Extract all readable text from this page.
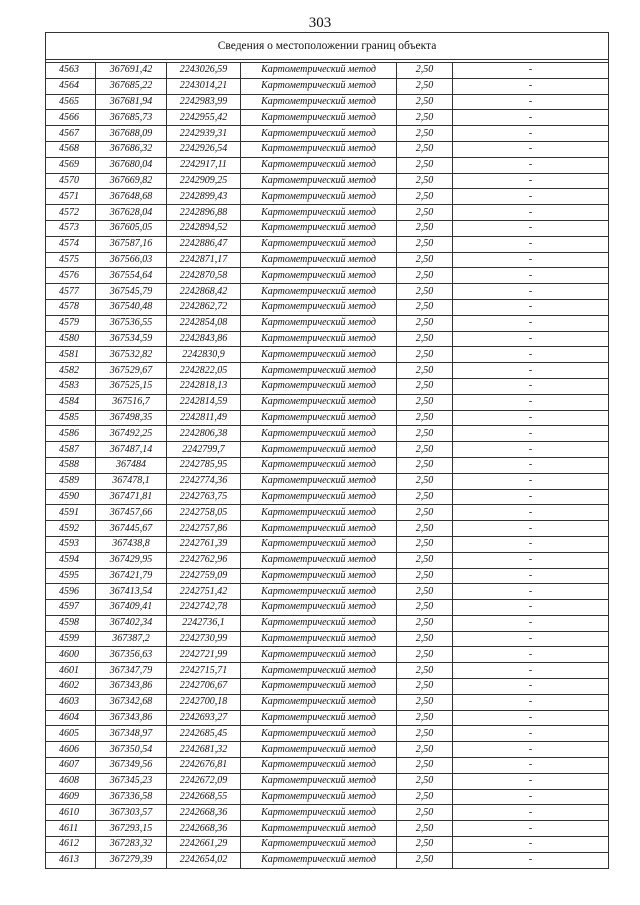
303
Сведения о местоположении границ объекта					

4563	367691,42	2243026,59	Картометрический метод	2,50	-
4564	367685,22	2243014,21	Картометрический метод	2,50	-
4565	367681,94	2242983,99	Картометрический метод	2,50	-
4566	367685,73	2242955,42	Картометрический метод	2,50	-
4567	367688,09	2242939,31	Картометрический метод	2,50	-
4568	367686,32	2242926,54	Картометрический метод	2,50	-
4569	367680,04	2242917,11	Картометрический метод	2,50	-
4570	367669,82	2242909,25	Картометрический метод	2,50	-
4571	367648,68	2242899,43	Картометрический метод	2,50	-
4572	367628,04	2242896,88	Картометрический метод	2,50	-
4573	367605,05	2242894,52	Картометрический метод	2,50	-
4574	367587,16	2242886,47	Картометрический метод	2,50	-
4575	367566,03	2242871,17	Картометрический метод	2,50	-
4576	367554,64	2242870,58	Картометрический метод	2,50	-
4577	367545,79	2242868,42	Картометрический метод	2,50	-
4578	367540,48	2242862,72	Картометрический метод	2,50	-
4579	367536,55	2242854,08	Картометрический метод	2,50	-
4580	367534,59	2242843,86	Картометрический метод	2,50	-
4581	367532,82	2242830,9	Картометрический метод	2,50	-
4582	367529,67	2242822,05	Картометрический метод	2,50	-
4583	367525,15	2242818,13	Картометрический метод	2,50	-
4584	367516,7	2242814,59	Картометрический метод	2,50	-
4585	367498,35	2242811,49	Картометрический метод	2,50	-
4586	367492,25	2242806,38	Картометрический метод	2,50	-
4587	367487,14	2242799,7	Картометрический метод	2,50	-
4588	367484	2242785,95	Картометрический метод	2,50	-
4589	367478,1	2242774,36	Картометрический метод	2,50	-
4590	367471,81	2242763,75	Картометрический метод	2,50	-
4591	367457,66	2242758,05	Картометрический метод	2,50	-
4592	367445,67	2242757,86	Картометрический метод	2,50	-
4593	367438,8	2242761,39	Картометрический метод	2,50	-
4594	367429,95	2242762,96	Картометрический метод	2,50	-
4595	367421,79	2242759,09	Картометрический метод	2,50	-
4596	367413,54	2242751,42	Картометрический метод	2,50	-
4597	367409,41	2242742,78	Картометрический метод	2,50	-
4598	367402,34	2242736,1	Картометрический метод	2,50	-
4599	367387,2	2242730,99	Картометрический метод	2,50	-
4600	367356,63	2242721,99	Картометрический метод	2,50	-
4601	367347,79	2242715,71	Картометрический метод	2,50	-
4602	367343,86	2242706,67	Картометрический метод	2,50	-
4603	367342,68	2242700,18	Картометрический метод	2,50	-
4604	367343,86	2242693,27	Картометрический метод	2,50	-
4605	367348,97	2242685,45	Картометрический метод	2,50	-
4606	367350,54	2242681,32	Картометрический метод	2,50	-
4607	367349,56	2242676,81	Картометрический метод	2,50	-
4608	367345,23	2242672,09	Картометрический метод	2,50	-
4609	367336,58	2242668,55	Картометрический метод	2,50	-
4610	367303,57	2242668,36	Картометрический метод	2,50	-
4611	367293,15	2242668,36	Картометрический метод	2,50	-
4612	367283,32	2242661,29	Картометрический метод	2,50	-
4613	367279,39	2242654,02	Картометрический метод	2,50	-
